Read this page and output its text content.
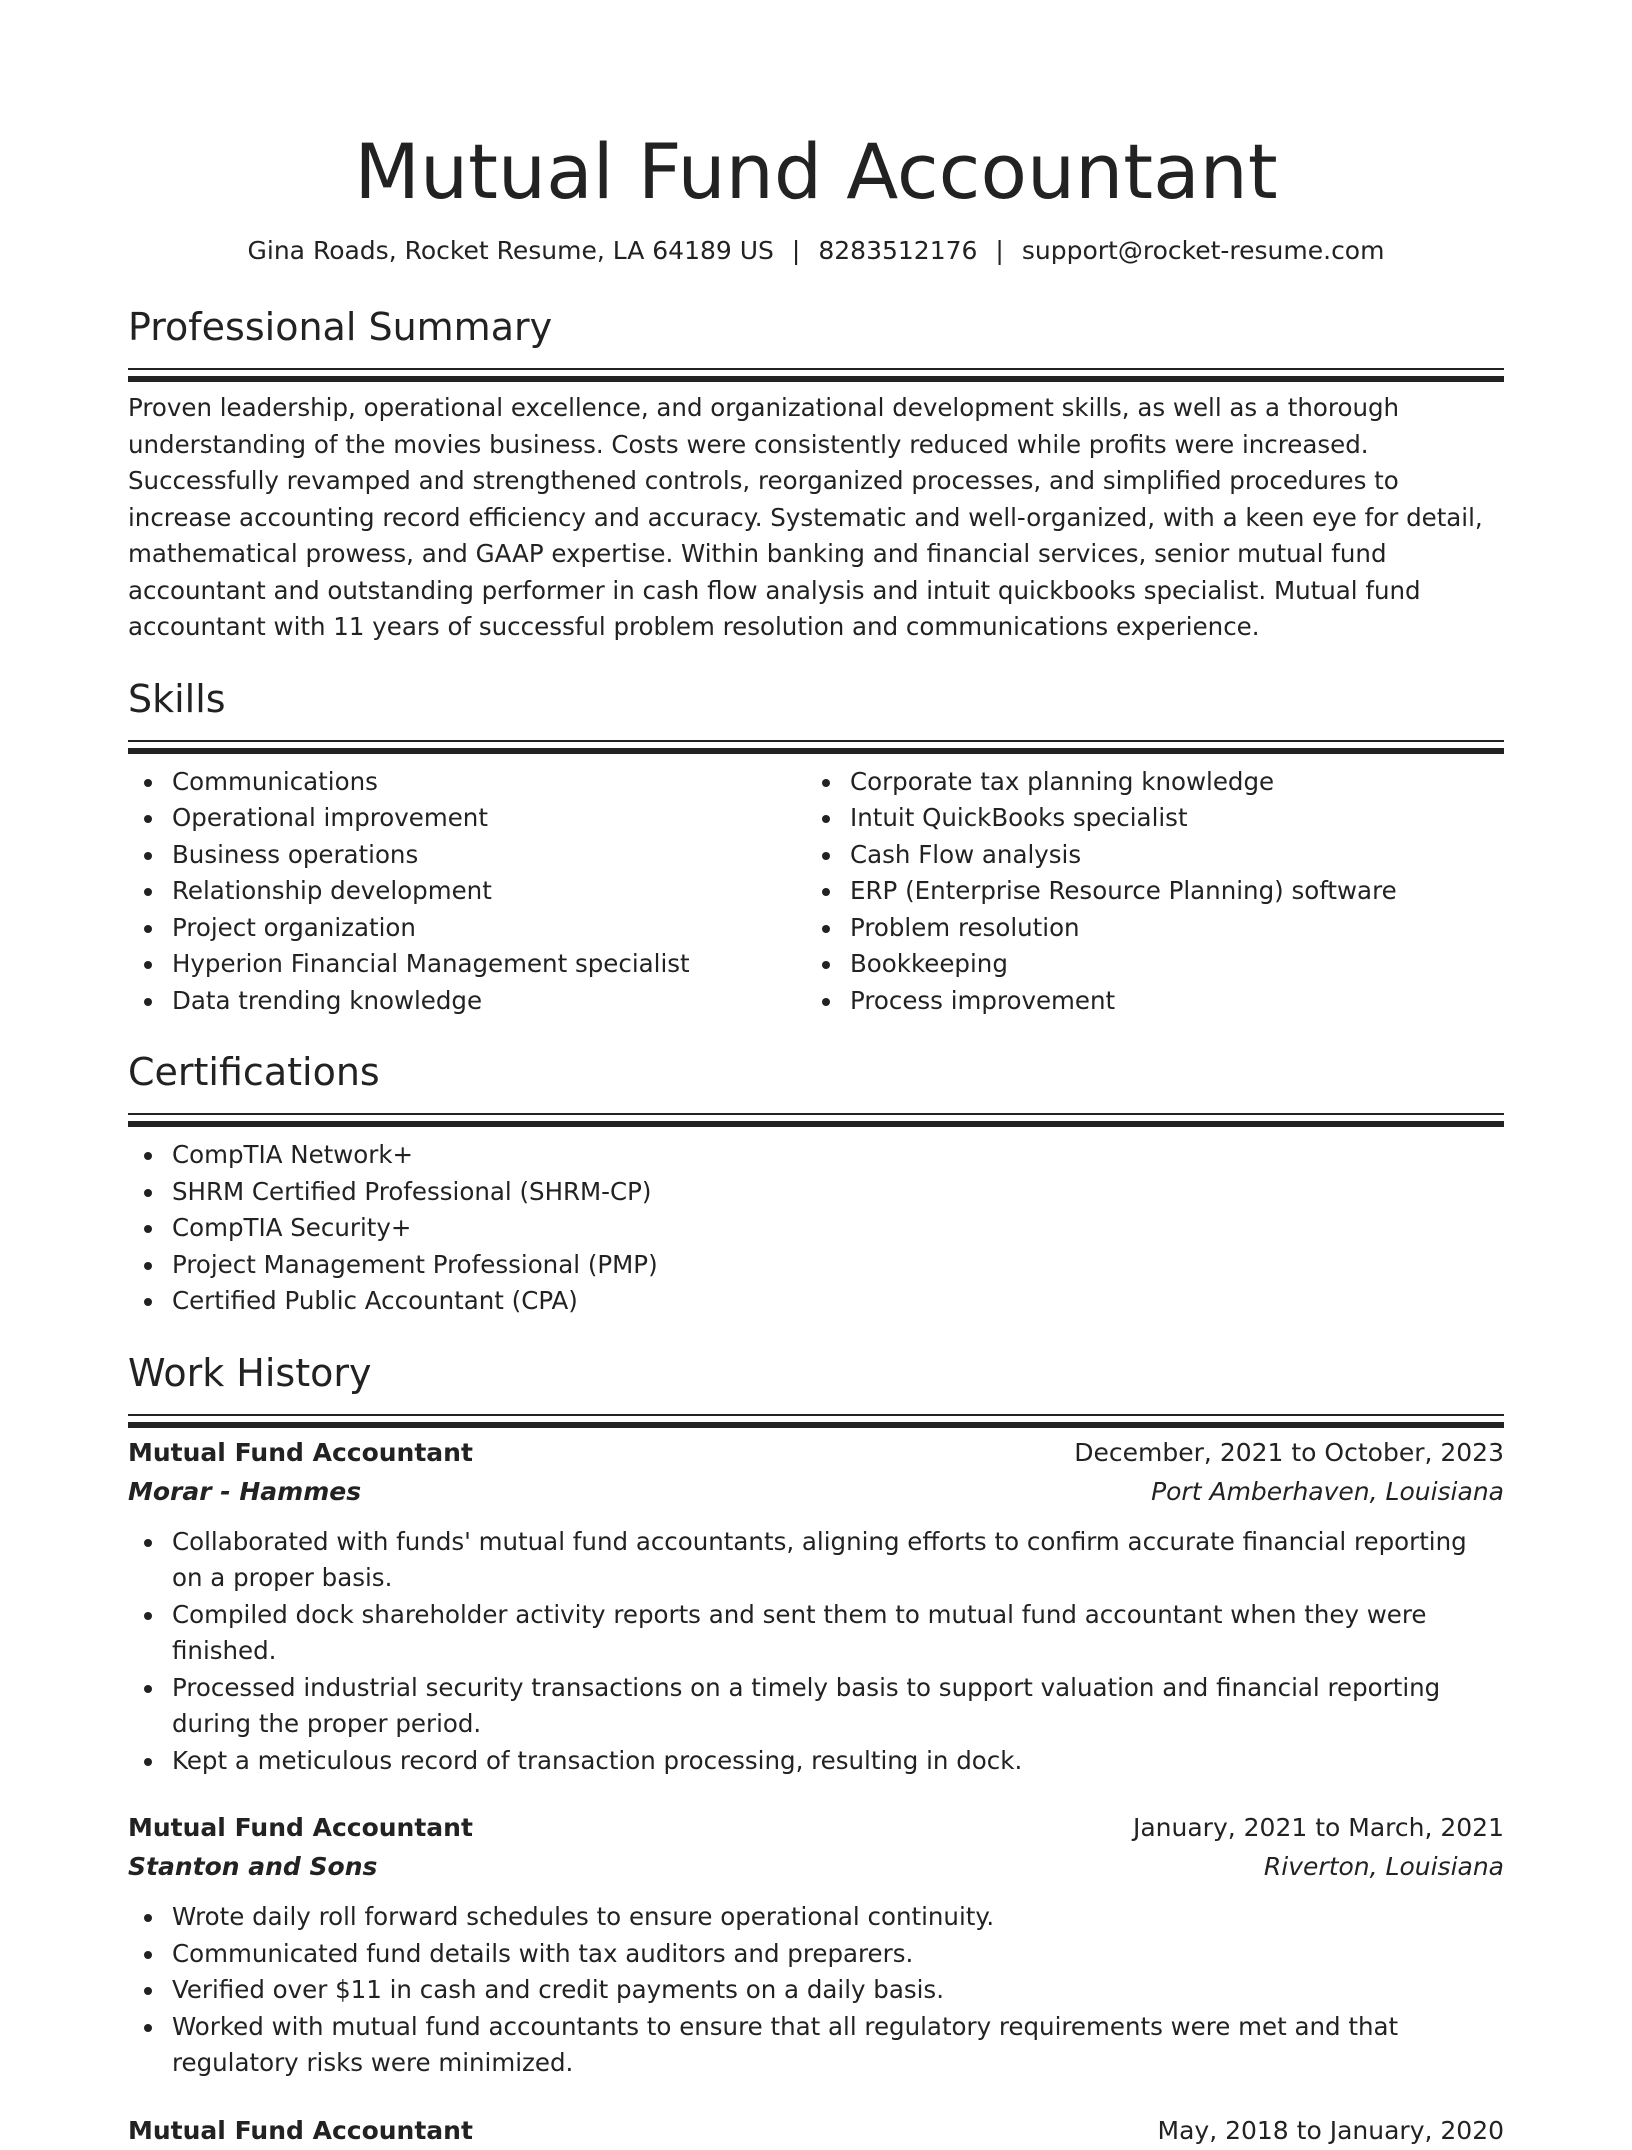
Mutual Fund Accountant
Gina Roads, Rocket Resume, LA 64189 US | 8283512176 | support@rocket-resume.com
Professional Summary

Proven leadership, operational excellence, and organizational development skills, as well as a thorough understanding of the movies business. Costs were consistently reduced while profits were increased. Successfully revamped and strengthened controls, reorganized processes, and simplified procedures to increase accounting record efficiency and accuracy. Systematic and well-organized, with a keen eye for detail, mathematical prowess, and GAAP expertise. Within banking and financial services, senior mutual fund accountant and outstanding performer in cash flow analysis and intuit quickbooks specialist. Mutual fund accountant with 11 years of successful problem resolution and communications experience.

Skills
Communications
Operational improvement
Business operations
Relationship development
Project organization
Hyperion Financial Management specialist
Data trending knowledge
Corporate tax planning knowledge
Intuit QuickBooks specialist
Cash Flow analysis
ERP (Enterprise Resource Planning) software
Problem resolution
Bookkeeping
Process improvement
Certifications
CompTIA Network+
SHRM Certified Professional (SHRM-CP)
CompTIA Security+
Project Management Professional (PMP)
Certified Public Accountant (CPA)
Work History
Mutual Fund Accountant	December, 2021 to October, 2023
Morar - Hammes	Port Amberhaven, Louisiana
Collaborated with funds' mutual fund accountants, aligning efforts to confirm accurate financial reporting on a proper basis.
Compiled dock shareholder activity reports and sent them to mutual fund accountant when they were finished.
Processed industrial security transactions on a timely basis to support valuation and financial reporting during the proper period.
Kept a meticulous record of transaction processing, resulting in dock.
Mutual Fund Accountant	January, 2021 to March, 2021
Stanton and Sons	Riverton, Louisiana
Wrote daily roll forward schedules to ensure operational continuity.
Communicated fund details with tax auditors and preparers.
Verified over $11 in cash and credit payments on a daily basis.
Worked with mutual fund accountants to ensure that all regulatory requirements were met and that regulatory risks were minimized.
Mutual Fund Accountant	May, 2018 to January, 2020
